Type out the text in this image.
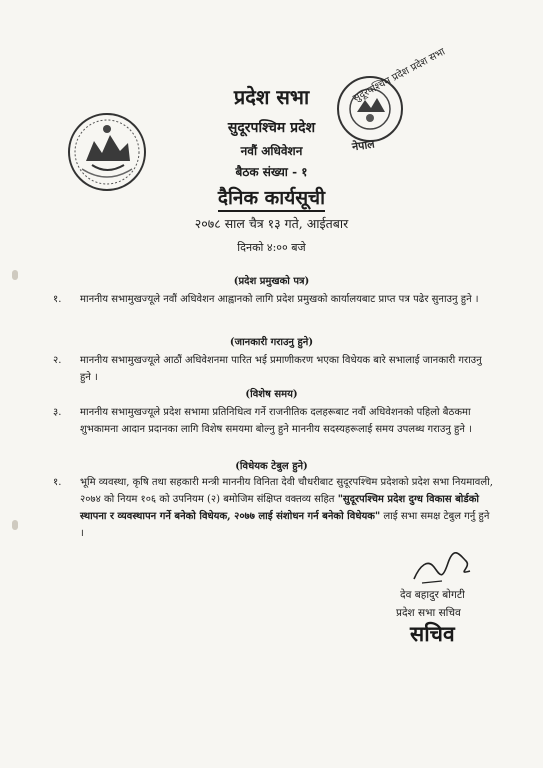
सुदूरपश्चिम प्रदेश प्रदेश सभा
नेपाल
प्रदेश सभा
सुदूरपश्चिम प्रदेश
नवौं अधिवेशन
बैठक संख्या - १
दैनिक कार्यसूची
२०७८ साल चैत्र १३ गते, आईतबार
दिनको ४:०० बजे
(प्रदेश प्रमुखको पत्र)
१. माननीय सभामुखज्यूले नवौं अधिवेशन आह्वानको लागि प्रदेश प्रमुखको कार्यालयबाट प्राप्त पत्र पढेर सुनाउनु हुने ।
(जानकारी गराउनु हुने)
२. माननीय सभामुखज्यूले आठौं अधिवेशनमा पारित भई प्रमाणीकरण भएका विधेयक बारे सभालाई जानकारी गराउनु हुने ।
(विशेष समय)
३. माननीय सभामुखज्यूले प्रदेश सभामा प्रतिनिधित्व गर्ने राजनीतिक दलहरूबाट नवौं अधिवेशनको पहिलो बैठकमा शुभकामना आदान प्रदानका लागि विशेष समयमा बोल्नु हुने माननीय सदस्यहरूलाई समय उपलब्ध गराउनु हुने ।
(विधेयक टेबुल हुने)
१. भूमि व्यवस्था, कृषि तथा सहकारी मन्त्री माननीय विनिता देवी चौधरीबाट सुदूरपश्चिम प्रदेशको प्रदेश सभा नियमावली, २०७४ को नियम १०६ को उपनियम (२) बमोजिम संक्षिप्त वक्तव्य सहित "सुदूरपश्चिम प्रदेश दुग्ध विकास बोर्डको स्थापना र व्यवस्थापन गर्ने बनेको विधेयक, २०७७ लाई संशोधन गर्न बनेको विधेयक" लाई सभा समक्ष टेबुल गर्नु हुने ।
देव बहादुर बोगटी
प्रदेश सभा सचिव
सचिव
